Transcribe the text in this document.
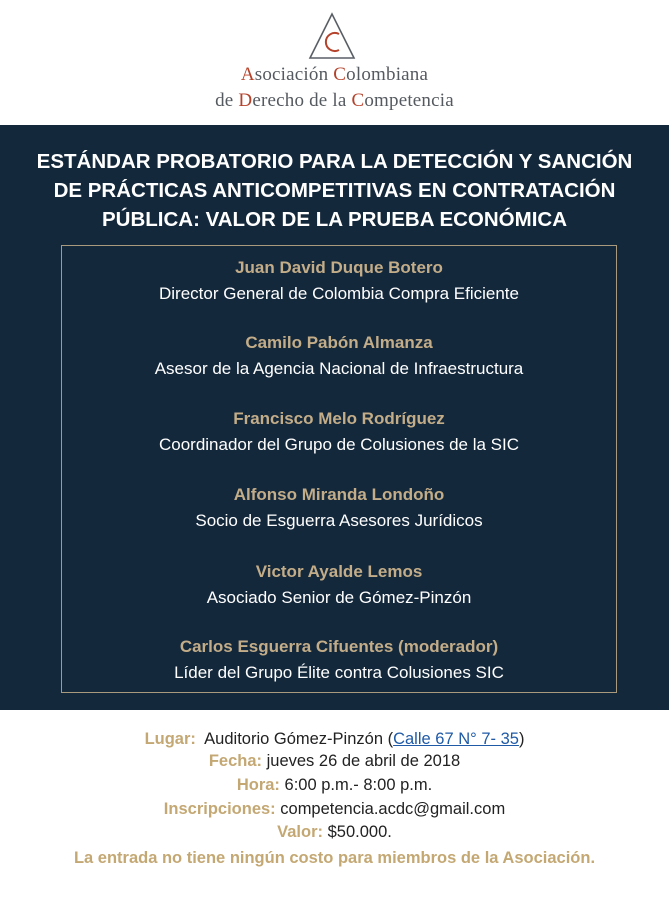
Asociación Colombiana
de Derecho de la Competencia
ESTÁNDAR PROBATORIO PARA LA DETECCIÓN Y SANCIÓN
DE PRÁCTICAS ANTICOMPETITIVAS EN CONTRATACIÓN
PÚBLICA: VALOR DE LA PRUEBA ECONÓMICA
Juan David Duque Botero
Director General de Colombia Compra Eficiente
Camilo Pabón Almanza
Asesor de la Agencia Nacional de Infraestructura
Francisco Melo Rodríguez
Coordinador del Grupo de Colusiones de la SIC
Alfonso Miranda Londoño
Socio de Esguerra Asesores Jurídicos
Victor Ayalde Lemos
Asociado Senior de Gómez-Pinzón
Carlos Esguerra Cifuentes (moderador)
Líder del Grupo Élite contra Colusiones SIC
Lugar: Auditorio Gómez-Pinzón (Calle 67 N° 7- 35)
Fecha: jueves 26 de abril de 2018
Hora: 6:00 p.m.- 8:00 p.m.
Inscripciones: competencia.acdc@gmail.com
Valor: $50.000.
La entrada no tiene ningún costo para miembros de la Asociación.
